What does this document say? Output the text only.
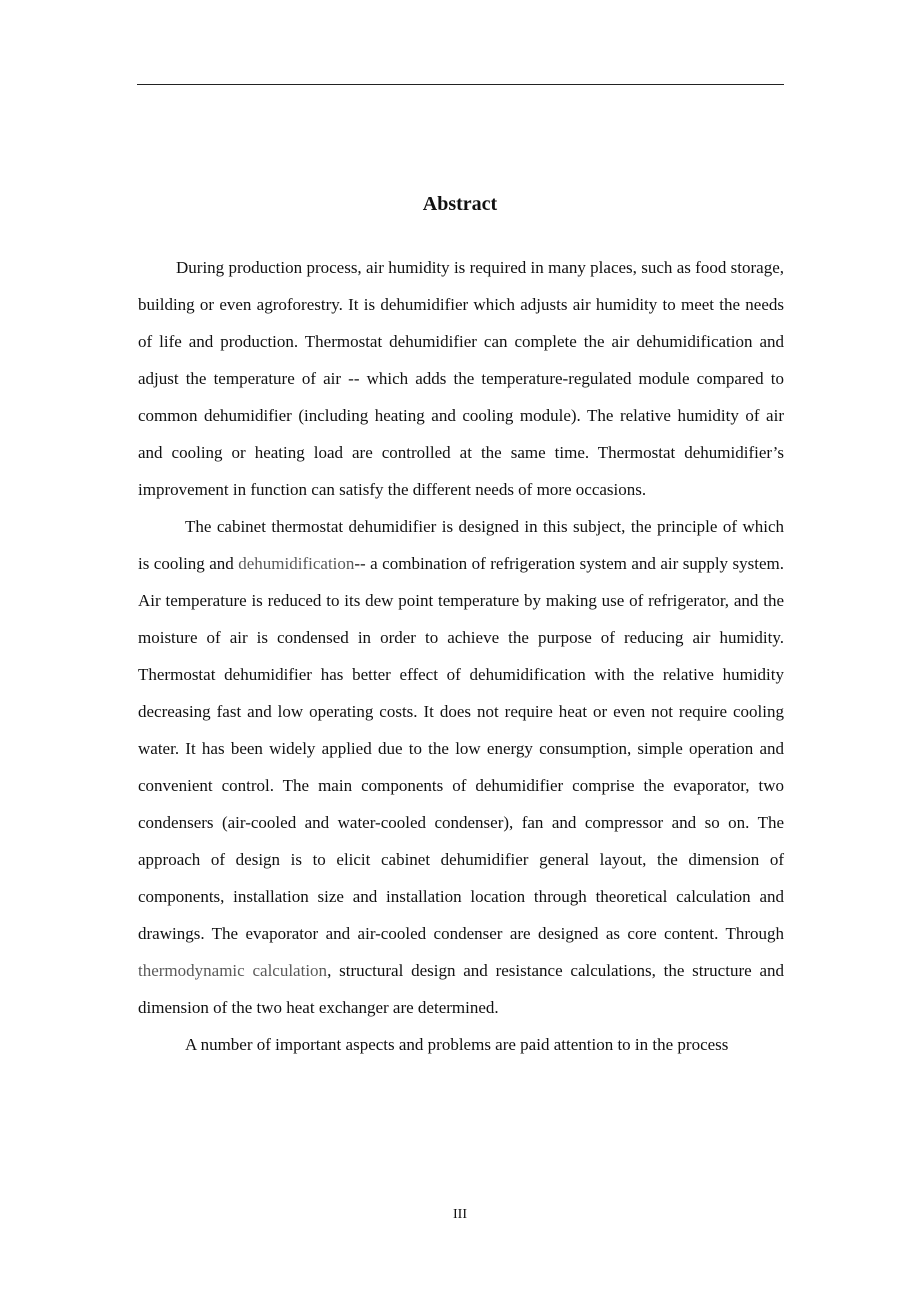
Abstract

During production process, air humidity is required in many places, such as food storage, building or even agroforestry. It is dehumidifier which adjusts air humidity to meet the needs of life and production. Thermostat dehumidifier can complete the air dehumidification and adjust the temperature of air -- which adds the temperature-regulated module compared to common dehumidifier (including heating and cooling module). The relative humidity of air and cooling or heating load are controlled at the same time. Thermostat dehumidifier’s improvement in function can satisfy the different needs of more occasions.

The cabinet thermostat dehumidifier is designed in this subject, the principle of which is cooling and dehumidification-- a combination of refrigeration system and air supply system. Air temperature is reduced to its dew point temperature by making use of refrigerator, and the moisture of air is condensed in order to achieve the purpose of reducing air humidity. Thermostat dehumidifier has better effect of dehumidification with the relative humidity decreasing fast and low operating costs. It does not require heat or even not require cooling water. It has been widely applied due to the low energy consumption, simple operation and convenient control. The main components of dehumidifier comprise the evaporator, two condensers (air-cooled and water-cooled condenser), fan and compressor and so on. The approach of design is to elicit cabinet dehumidifier general layout, the dimension of components, installation size and installation location through theoretical calculation and drawings. The evaporator and air-cooled condenser are designed as core content. Through thermodynamic calculation, structural design and resistance calculations, the structure and dimension of the two heat exchanger are determined.

A number of important aspects and problems are paid attention to in the process

III
